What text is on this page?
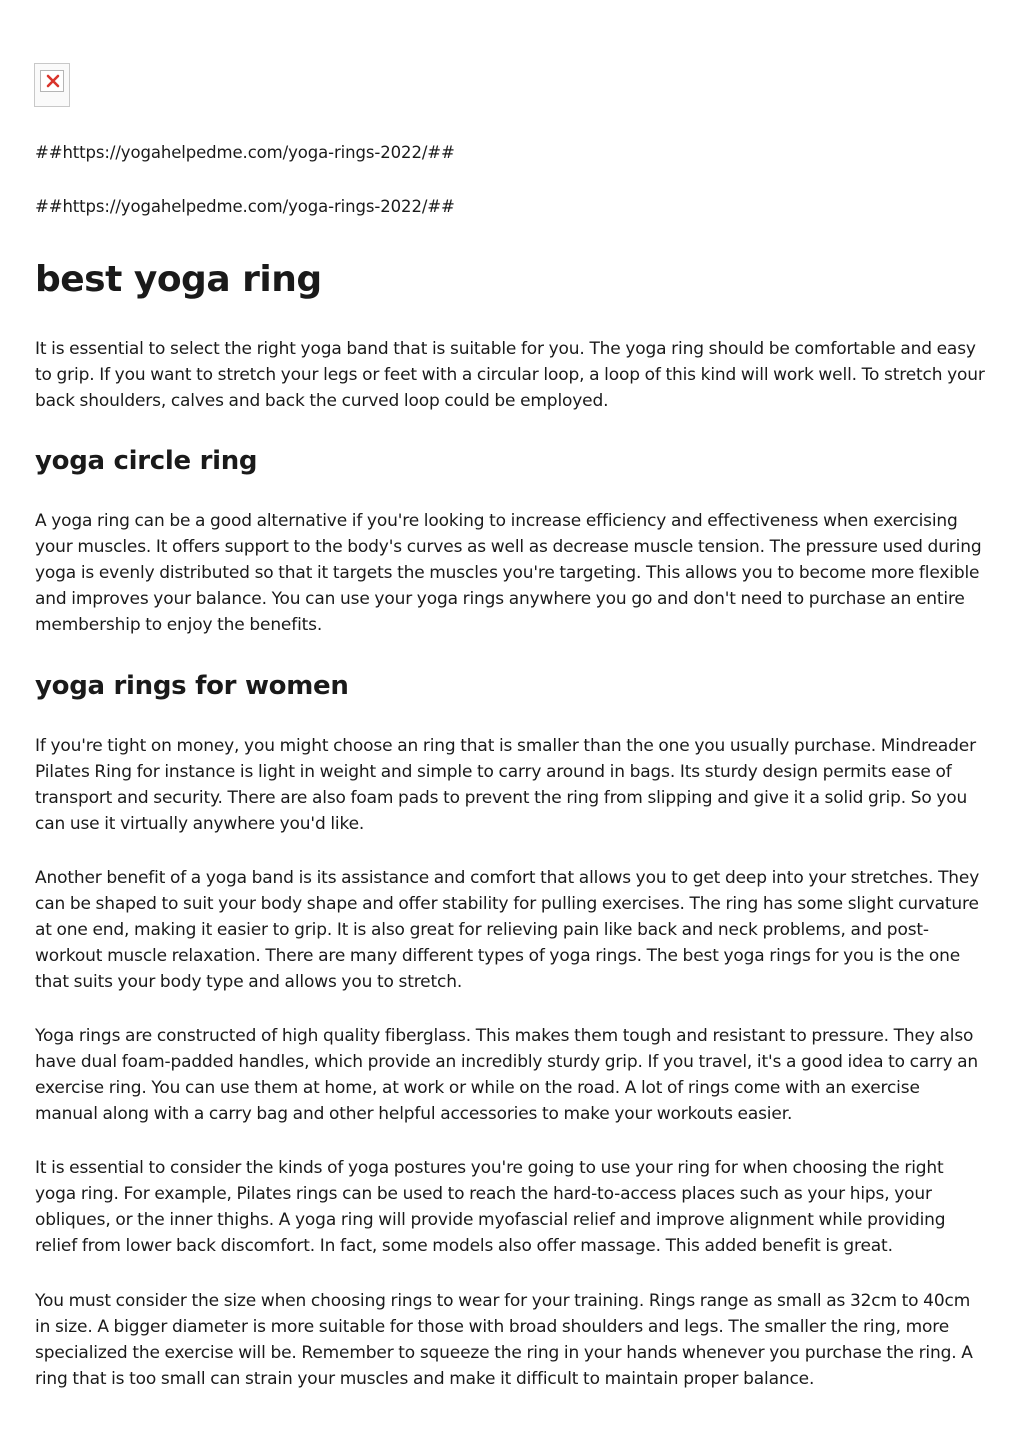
##https://yogahelpedme.com/yoga-rings-2022/##
##https://yogahelpedme.com/yoga-rings-2022/##
best yoga ring

It is essential to select the right yoga band that is suitable for you. The yoga ring should be comfortable and easy to grip. If you want to stretch your legs or feet with a circular loop, a loop of this kind will work well. To stretch your back shoulders, calves and back the curved loop could be employed.

yoga circle ring

A yoga ring can be a good alternative if you're looking to increase efficiency and effectiveness when exercising your muscles. It offers support to the body's curves as well as decrease muscle tension. The pressure used during yoga is evenly distributed so that it targets the muscles you're targeting. This allows you to become more flexible and improves your balance. You can use your yoga rings anywhere you go and don't need to purchase an entire membership to enjoy the benefits.

yoga rings for women

If you're tight on money, you might choose an ring that is smaller than the one you usually purchase. Mindreader Pilates Ring for instance is light in weight and simple to carry around in bags. Its sturdy design permits ease of transport and security. There are also foam pads to prevent the ring from slipping and give it a solid grip. So you can use it virtually anywhere you'd like.

Another benefit of a yoga band is its assistance and comfort that allows you to get deep into your stretches. They can be shaped to suit your body shape and offer stability for pulling exercises. The ring has some slight curvature at one end, making it easier to grip. It is also great for relieving pain like back and neck problems, and post-workout muscle relaxation. There are many different types of yoga rings. The best yoga rings for you is the one that suits your body type and allows you to stretch.

Yoga rings are constructed of high quality fiberglass. This makes them tough and resistant to pressure. They also have dual foam-padded handles, which provide an incredibly sturdy grip. If you travel, it's a good idea to carry an exercise ring. You can use them at home, at work or while on the road. A lot of rings come with an exercise manual along with a carry bag and other helpful accessories to make your workouts easier.

It is essential to consider the kinds of yoga postures you're going to use your ring for when choosing the right yoga ring. For example, Pilates rings can be used to reach the hard-to-access places such as your hips, your obliques, or the inner thighs. A yoga ring will provide myofascial relief and improve alignment while providing relief from lower back discomfort. In fact, some models also offer massage. This added benefit is great.

You must consider the size when choosing rings to wear for your training. Rings range as small as 32cm to 40cm in size. A bigger diameter is more suitable for those with broad shoulders and legs. The smaller the ring, more specialized the exercise will be. Remember to squeeze the ring in your hands whenever you purchase the ring. A ring that is too small can strain your muscles and make it difficult to maintain proper balance.
